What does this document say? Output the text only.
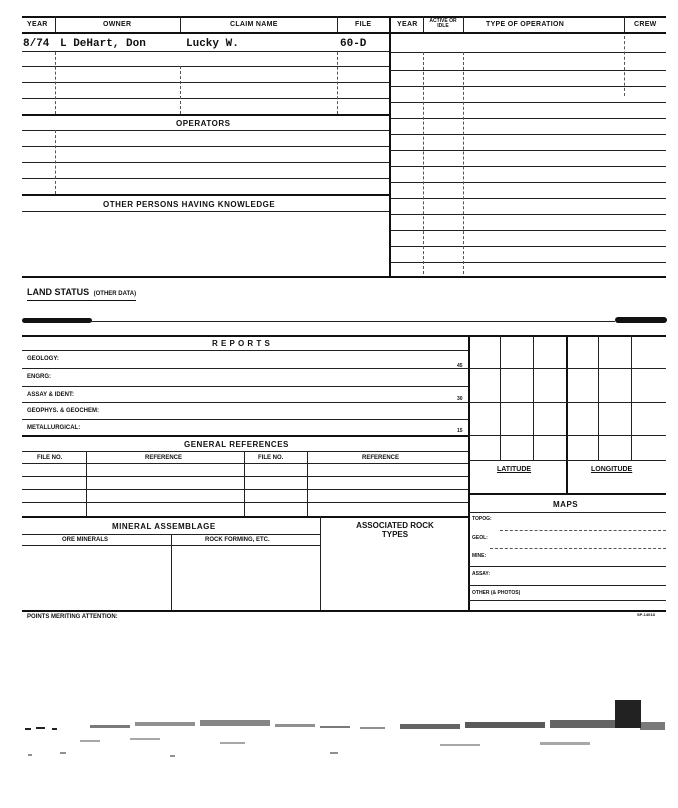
YEAR	OWNER	CLAIM NAME	FILE	YEAR	ACTIVE OR IDLE	TYPE OF OPERATION	CREW
8/74 L DeHart, Don	Lucky W.	60-D
OPERATORS
OTHER PERSONS HAVING KNOWLEDGE
LAND STATUS (OTHER DATA)
R E P O R T S
GEOLOGY:
45
ENGRG:
ASSAY & IDENT:
30
GEOPHYS. & GEOCHEM:
METALLURGICAL:	15
LATITUDE	LONGITUDE
GENERAL REFERENCES
FILE NO.	REFERENCE	FILE NO.	REFERENCE
MAPS
TOPOG:
GEOL:
MINE:
ASSAY:
OTHER (& PHOTOS)
MINERAL ASSEMBLAGE
ORE MINERALS	ROCK FORMING, ETC.
ASSOCIATED ROCK TYPES
POINTS MERITING ATTENTION:	SP-14018
